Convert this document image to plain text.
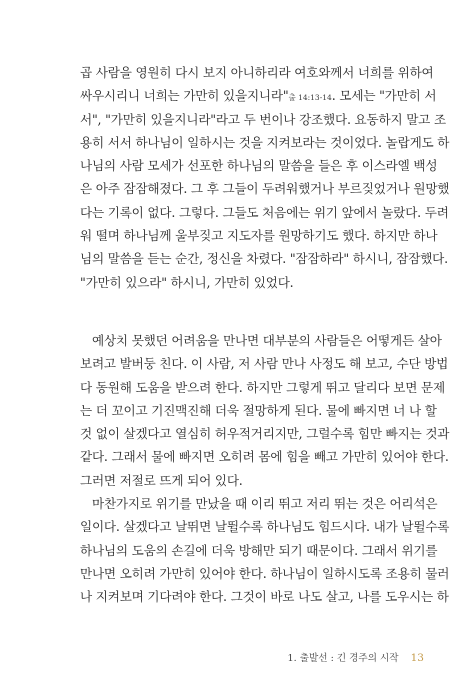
곱 사람을 영원히 다시 보지 아니하리라 여호와께서 너희를 위하여
싸우시리니 너희는 가만히 있을지니라"출 14:13-14. 모세는 "가만히 서
서", "가만히 있을지니라"라고 두 번이나 강조했다. 요동하지 말고 조
용히 서서 하나님이 일하시는 것을 지켜보라는 것이었다. 놀랍게도 하
나님의 사람 모세가 선포한 하나님의 말씀을 들은 후 이스라엘 백성
은 아주 잠잠해졌다. 그 후 그들이 두려워했거나 부르짖었거나 원망했
다는 기록이 없다. 그렇다. 그들도 처음에는 위기 앞에서 놀랐다. 두려
워 떨며 하나님께 울부짖고 지도자를 원망하기도 했다. 하지만 하나
님의 말씀을 듣는 순간, 정신을 차렸다. "잠잠하라" 하시니, 잠잠했다.
"가만히 있으라" 하시니, 가만히 있었다.
예상치 못했던 어려움을 만나면 대부분의 사람들은 어떻게든 살아
보려고 발버둥 친다. 이 사람, 저 사람 만나 사정도 해 보고, 수단 방법
다 동원해 도움을 받으려 한다. 하지만 그렇게 뛰고 달리다 보면 문제
는 더 꼬이고 기진맥진해 더욱 절망하게 된다. 물에 빠지면 너 나 할
것 없이 살겠다고 열심히 허우적거리지만, 그럴수록 힘만 빠지는 것과
같다. 그래서 물에 빠지면 오히려 몸에 힘을 빼고 가만히 있어야 한다.
그러면 저절로 뜨게 되어 있다.
마찬가지로 위기를 만났을 때 이리 뛰고 저리 뛰는 것은 어리석은
일이다. 살겠다고 날뛰면 날뛸수록 하나님도 힘드시다. 내가 날뛸수록
하나님의 도움의 손길에 더욱 방해만 되기 때문이다. 그래서 위기를
만나면 오히려 가만히 있어야 한다. 하나님이 일하시도록 조용히 물러
나 지켜보며 기다려야 한다. 그것이 바로 나도 살고, 나를 도우시는 하
1. 출발선 : 긴 경주의 시작 13
